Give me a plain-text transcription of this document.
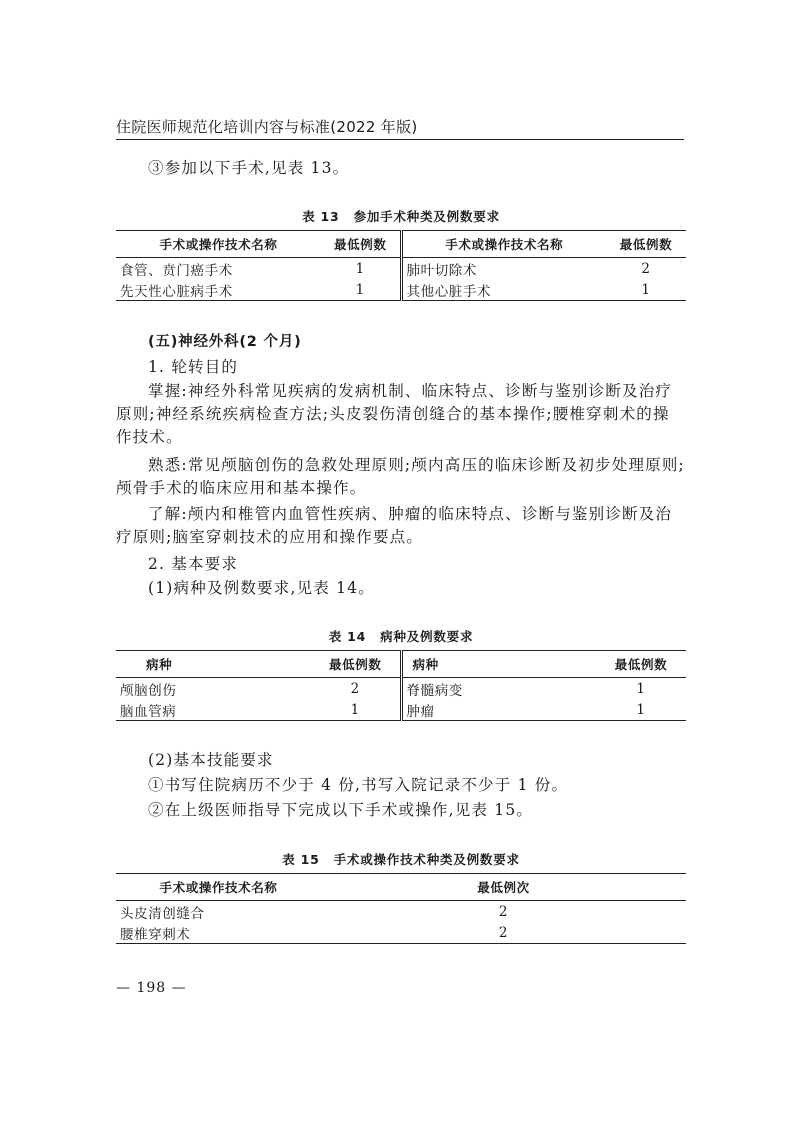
住院医师规范化培训内容与标准(2022 年版)
③参加以下手术,见表 13。
表 13 参加手术种类及例数要求
手术或操作技术名称	最低例数	手术或操作技术名称	最低例数
食管、贲门癌手术	1	肺叶切除术	2
先天性心脏病手术	1	其他心脏手术	1
(五)神经外科(2 个月)
1. 轮转目的

掌握:神经外科常见疾病的发病机制、临床特点、诊断与鉴别诊断及治疗原则;神经系统疾病检查方法;头皮裂伤清创缝合的基本操作;腰椎穿刺术的操作技术。

熟悉:常见颅脑创伤的急救处理原则;颅内高压的临床诊断及初步处理原则;颅骨手术的临床应用和基本操作。

了解:颅内和椎管内血管性疾病、肿瘤的临床特点、诊断与鉴别诊断及治疗原则;脑室穿刺技术的应用和操作要点。

2. 基本要求
(1)病种及例数要求,见表 14。
表 14 病种及例数要求
病种	最低例数	病种	最低例数
颅脑创伤	2	脊髓病变	1
脑血管病	1	肿瘤	1
(2)基本技能要求
①书写住院病历不少于 4 份,书写入院记录不少于 1 份。
②在上级医师指导下完成以下手术或操作,见表 15。
表 15 手术或操作技术种类及例数要求
手术或操作技术名称	最低例次
头皮清创缝合	2
腰椎穿刺术	2
— 198 —
